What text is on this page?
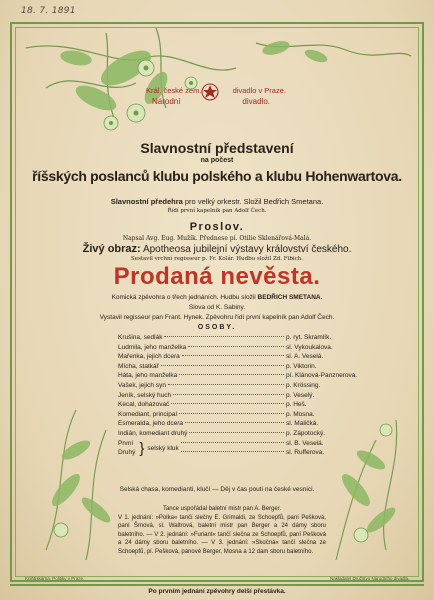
18. 7. 1891
Král. české zem.	divadlo v Praze.
Národní	divadlo.
Slavnostní představení
na počest
říšských poslanců klubu polského a klubu Hohenwartova.
Slavnostní předehra pro velký orkestr. Složil Bedřich Smetana.
Řídí první kapelník pan Adolf Čech.
Proslov.
Napsal Avg. Eug. Mužík. Přednese pí. Otilie Sklenářová-Malá.
Živý obraz: Apotheosa jubilejní výstavy království českého.
Sestavil vrchní regisseur p. Fr. Kolár. Hudbu složil Zd. Fibich.
Prodaná nevěsta.
Komická zpěvohra o třech jednáních. Hudbu složil BEDŘICH SMETANA.
Slova od K. Sabiny.
Vystavil regisseur pan Frant. Hynek. Zpěvohru řídí první kapelník pan Adolf Čech.
OSOBY.
Krušina, sedlák	p. ryt. Skramlík.
Ludmila, jeho manželka	sl. Vykoukalova.
Mařenka, jejich dcera	sl. A. Veselá.
Mícha, statkář	p. Viktorin.
Háta, jeho manželka	pí. Klánová-Panznerova.
Vašek, jejich syn	p. Krössing.
Jeník, selský huch	p. Veselý.
Kecal, dohazovač	p. Heš.
Komediant, principal	p. Mosna.
Esmeralda, jeho dcera	sl. Maličká.
Indián, komediant druhý	p. Zápotocký.
První
Druhý } selský kluk
sl. B. Veselá.
sl. Rufferova.
Selská chasa, komedianti, klučí — Děj v čas pouti na české vesnici.
Tance uspořádal baletní mistr pan A. Berger.
V 1. jednání: »Polka« tančí slečny E. Grimaldi, ze Schoepfů, paní Pešková, paní Šrnová, sl. Waltrová, baletní mistr pan Berger a 24 dámy sboru baletního. — V 2. jednání: »Furiant« tančí slečna ze Schoepfů, paní Pešková a 24 dámy sboru baletního. — V 3. jednání: »Skočná« tančí slečna ze Schoepfů, pí. Pešková, pánové Berger, Mosna a 12 dam sboru baletního.
Knihtiskárna, Politiky v Praze.	Nakladatel Družstvo Národního divadla.
Po prvním jednání zpěvohry delší přestávka.
